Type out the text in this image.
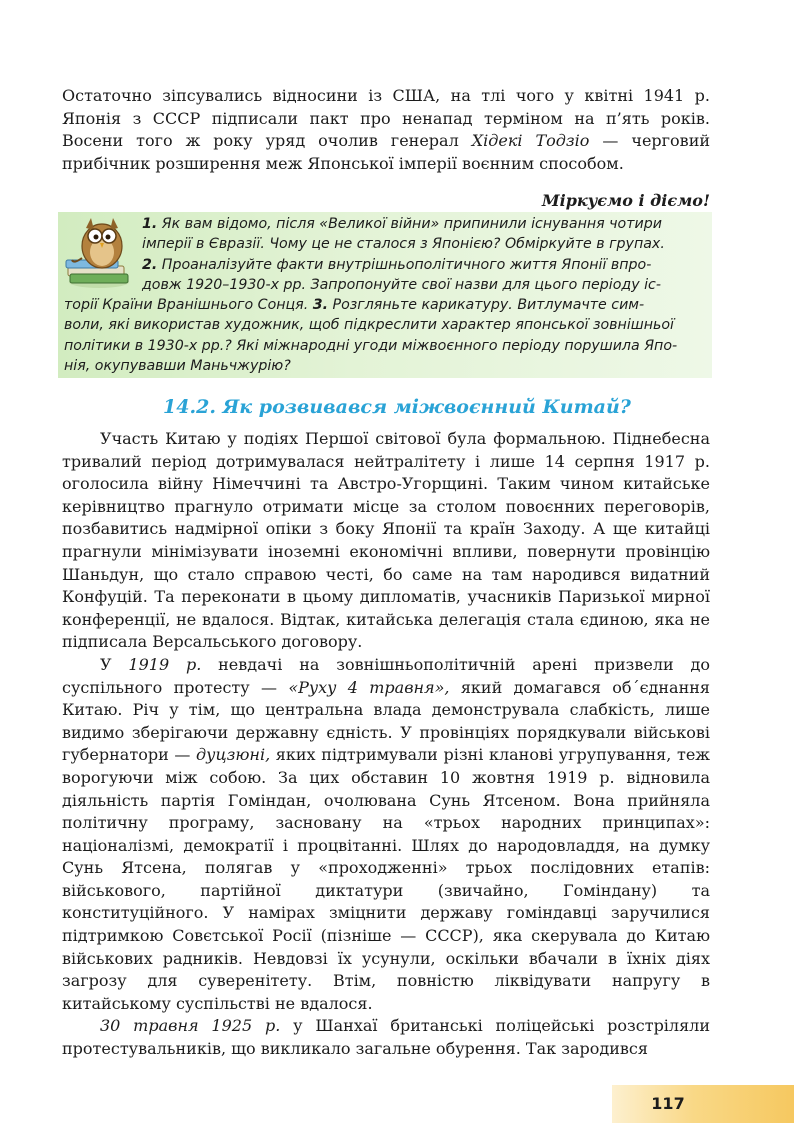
Остаточно зіпсувались відносини із США, на тлі чого у квітні 1941 р. Японія з СССР підписали пакт про ненапад терміном на п’ять років. Восени того ж року уряд очолив генерал Хідекі Тодзіо — черговий прибічник розширення меж Японської імперії воєнним способом.

Міркуємо і діємо!
1. Як вам відомо, після «Великої війни» припинили існування чотири
імперії в Євразії. Чому це не сталося з Японією? Обміркуйте в групах.
2. Проаналізуйте факти внутрішньополітичного життя Японії впро-
довж 1920–1930-х рр. Запропонуйте свої назви для цього періоду іс-
торії Країни Вранішнього Сонця. 3. Розгляньте карикатуру. Витлумачте сим-
воли, які використав художник, щоб підкреслити характер японської зовнішньої
політики в 1930-х рр.? Які міжнародні угоди міжвоєнного періоду порушила Япо-
нія, окупувавши Маньчжурію?
14.2. Як розвивався міжвоєнний Китай?

Участь Китаю у подіях Першої світової була формальною. Піднебесна тривалий період дотримувалася нейтралітету і лише 14 серпня 1917 р. оголосила війну Німеччині та Австро-Угорщині. Таким чином китайське керівництво прагнуло отримати місце за столом повоєнних переговорів, позбавитись надмірної опіки з боку Японії та країн Заходу. А ще китайці прагнули мінімізувати іноземні економічні впливи, повернути провінцію Шаньдун, що стало справою честі, бо саме на там народився видатний Конфуцій. Та переконати в цьому дипломатів, учасників Паризької мирної конференції, не вдалося. Відтак, китайська делегація стала єдиною, яка не підписала Версальського договору.

У 1919 р. невдачі на зовнішньополітичній арені призвели до суспільного протесту — «Руху 4 травня», який домагався об´єднання Китаю. Річ у тім, що центральна влада демонструвала слабкість, лише видимо зберігаючи державну єдність. У провінціях порядкували військові губернатори — дуцзюні, яких підтримували різні кланові угрупування, теж ворогуючи між собою. За цих обставин 10 жовтня 1919 р. відновила діяльність партія Гоміндан, очолювана Сунь Ятсеном. Вона прийняла політичну програму, засновану на «трьох народних принципах»: націоналізмі, демократії і процвітанні. Шлях до народовладдя, на думку Сунь Ятсена, полягав у «проходженні» трьох послідовних етапів: військового, партійної диктатури (звичайно, Гоміндану) та конституційного. У намірах зміцнити державу гоміндавці заручилися підтримкою Совєтської Росії (пізніше — СССР), яка скерувала до Китаю військових радників. Невдовзі їх усунули, оскільки вбачали в їхніх діях загрозу для суверенітету. Втім, повністю ліквідувати напругу в китайському суспільстві не вдалося.

30 травня 1925 р. у Шанхаї британські поліцейські розстріляли протестувальників, що викликало загальне обурення. Так зародився

117
